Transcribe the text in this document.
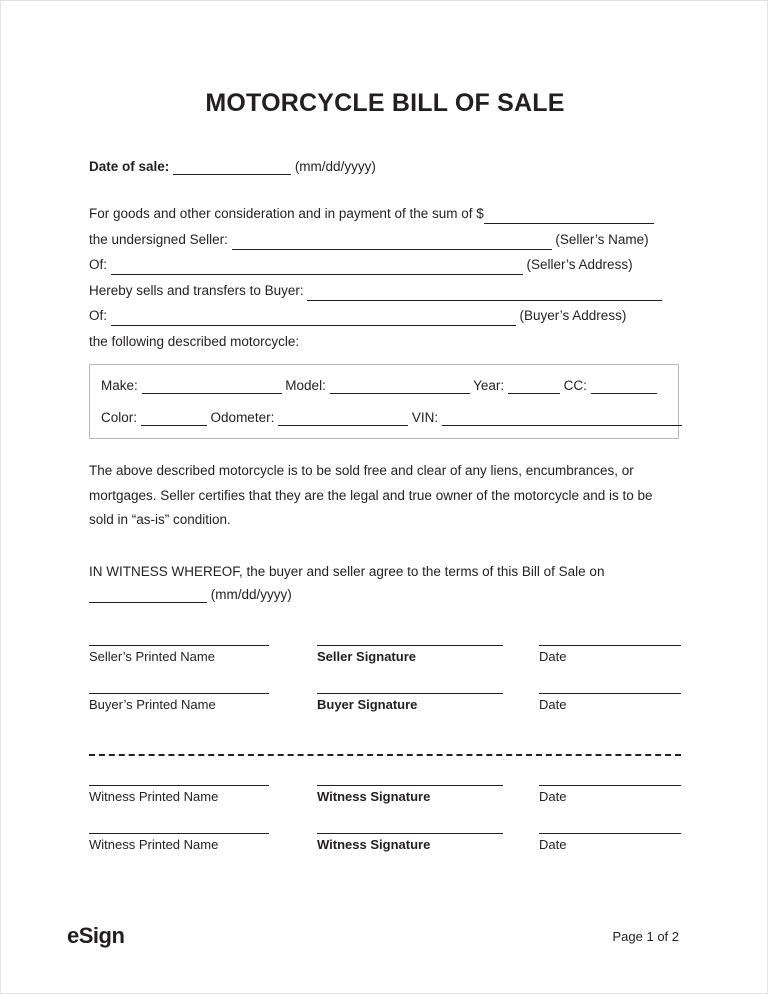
MOTORCYCLE BILL OF SALE
Date of sale:	(mm/dd/yyyy)
For goods and other consideration and in payment of the sum of $
the undersigned Seller:	(Seller’s Name)
Of:	(Seller’s Address)
Hereby sells and transfers to Buyer:
Of:	(Buyer’s Address)
the following described motorcycle:
Make:	Model:	Year:	CC:
Color:	Odometer:	VIN:
The above described motorcycle is to be sold free and clear of any liens, encumbrances, or mortgages. Seller certifies that they are the legal and true owner of the motorcycle and is to be sold in “as-is” condition.
IN WITNESS WHEREOF, the buyer and seller agree to the terms of this Bill of Sale on
(mm/dd/yyyy)
Seller’s Printed Name	Seller Signature	Date
Buyer’s Printed Name	Buyer Signature	Date
Witness Printed Name	Witness Signature	Date
Witness Printed Name	Witness Signature	Date
eSign	Page 1 of 2
